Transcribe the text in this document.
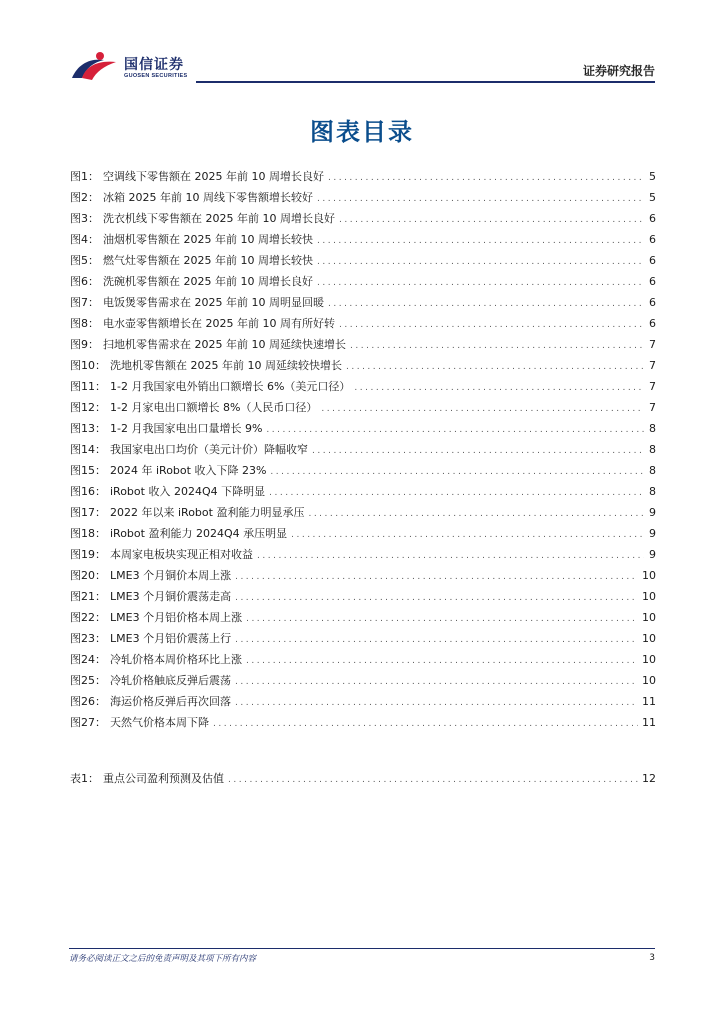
国信证券
GUOSEN SECURITIES	证券研究报告
图表目录
图1： 空调线下零售额在 2025 年前 10 周增长良好 .....	5
图2： 冰箱 2025 年前 10 周线下零售额增长较好 .....	5
图3： 洗衣机线下零售额在 2025 年前 10 周增长良好 .....	6
图4： 油烟机零售额在 2025 年前 10 周增长较快 .....	6
图5： 燃气灶零售额在 2025 年前 10 周增长较快 .....	6
图6： 洗碗机零售额在 2025 年前 10 周增长良好 .....	6
图7： 电饭煲零售需求在 2025 年前 10 周明显回暖 .....	6
图8： 电水壶零售额增长在 2025 年前 10 周有所好转 .....	6
图9： 扫地机零售需求在 2025 年前 10 周延续快速增长 .....	7
图10： 洗地机零售额在 2025 年前 10 周延续较快增长 .....	7
图11： 1-2 月我国家电外销出口额增长 6%（美元口径） .....	7
图12： 1-2 月家电出口额增长 8%（人民币口径） .....	7
图13： 1-2 月我国家电出口量增长 9% .....	8
图14： 我国家电出口均价（美元计价）降幅收窄 .....	8
图15： 2024 年 iRobot 收入下降 23% .....	8
图16： iRobot 收入 2024Q4 下降明显 .....	8
图17： 2022 年以来 iRobot 盈利能力明显承压 .....	9
图18： iRobot 盈利能力 2024Q4 承压明显 .....	9
图19： 本周家电板块实现正相对收益 .....	9
图20： LME3 个月铜价本周上涨 .....	10
图21： LME3 个月铜价震荡走高 .....	10
图22： LME3 个月铝价格本周上涨 .....	10
图23： LME3 个月铝价震荡上行 .....	10
图24： 冷轧价格本周价格环比上涨 .....	10
图25： 冷轧价格触底反弹后震荡 .....	10
图26： 海运价格反弹后再次回落 .....	11
图27： 天然气价格本周下降 .....	11
表1： 重点公司盈利预测及估值 .....	12
请务必阅读正文之后的免责声明及其项下所有内容	3
